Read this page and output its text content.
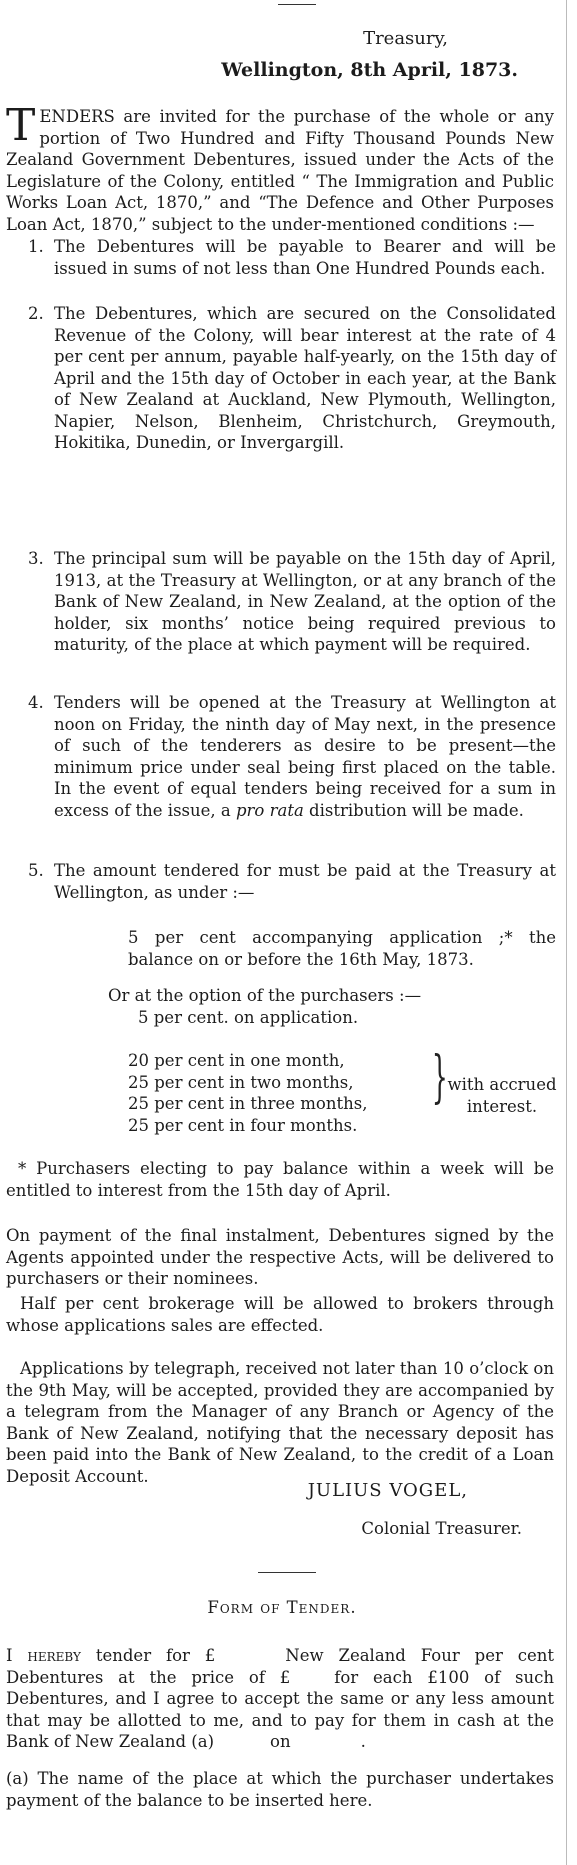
Treasury,
Wellington, 8th April, 1873.
TENDERS are invited for the purchase of the whole or any portion of Two Hundred and Fifty Thousand Pounds New Zealand Government Debentures, issued under the Acts of the Legislature of the Colony, entitled “ The Immigration and Public Works Loan Act, 1870,” and “The Defence and Other Purposes Loan Act, 1870,” subject to the under-mentioned conditions :—
1. The Debentures will be payable to Bearer and will be issued in sums of not less than One Hundred Pounds each.
2. The Debentures, which are secured on the Consolidated Revenue of the Colony, will bear interest at the rate of 4 per cent per annum, payable half-yearly, on the 15th day of April and the 15th day of October in each year, at the Bank of New Zealand at Auckland, New Plymouth, Wellington, Napier, Nelson, Blenheim, Christchurch, Greymouth, Hokitika, Dunedin, or Invergargill.
3. The principal sum will be payable on the 15th day of April, 1913, at the Treasury at Wellington, or at any branch of the Bank of New Zealand, in New Zealand, at the option of the holder, six months’ notice being required previous to maturity, of the place at which payment will be required.
4. Tenders will be opened at the Treasury at Wellington at noon on Friday, the ninth day of May next, in the presence of such of the tenderers as desire to be present—the minimum price under seal being first placed on the table. In the event of equal tenders being received for a sum in excess of the issue, a pro rata distribution will be made.
5. The amount tendered for must be paid at the Treasury at Wellington, as under :—
5 per cent accompanying application ;* the balance on or before the 16th May, 1873.
Or at the option of the purchasers :—
5 per cent. on application.
20 per cent in one month,
25 per cent in two months,
25 per cent in three months,
25 per cent in four months.
} with accrued interest.
* Purchasers electing to pay balance within a week will be entitled to interest from the 15th day of April.
On payment of the final instalment, Debentures signed by the Agents appointed under the respective Acts, will be delivered to purchasers or their nominees.
Half per cent brokerage will be allowed to brokers through whose applications sales are effected.
Applications by telegraph, received not later than 10 o’clock on the 9th May, will be accepted, provided they are accompanied by a telegram from the Manager of any Branch or Agency of the Bank of New Zealand, notifying that the necessary deposit has been paid into the Bank of New Zealand, to the credit of a Loan Deposit Account.
JULIUS VOGEL,
Colonial Treasurer.
Form of Tender.
I hereby tender for £	New Zealand Four per cent Debentures at the price of £	for each £100 of such Debentures, and I agree to accept the same or any less amount that may be allotted to me, and to pay for them in cash at the Bank of New Zealand (a)	on	.
(a) The name of the place at which the purchaser undertakes payment of the balance to be inserted here.
